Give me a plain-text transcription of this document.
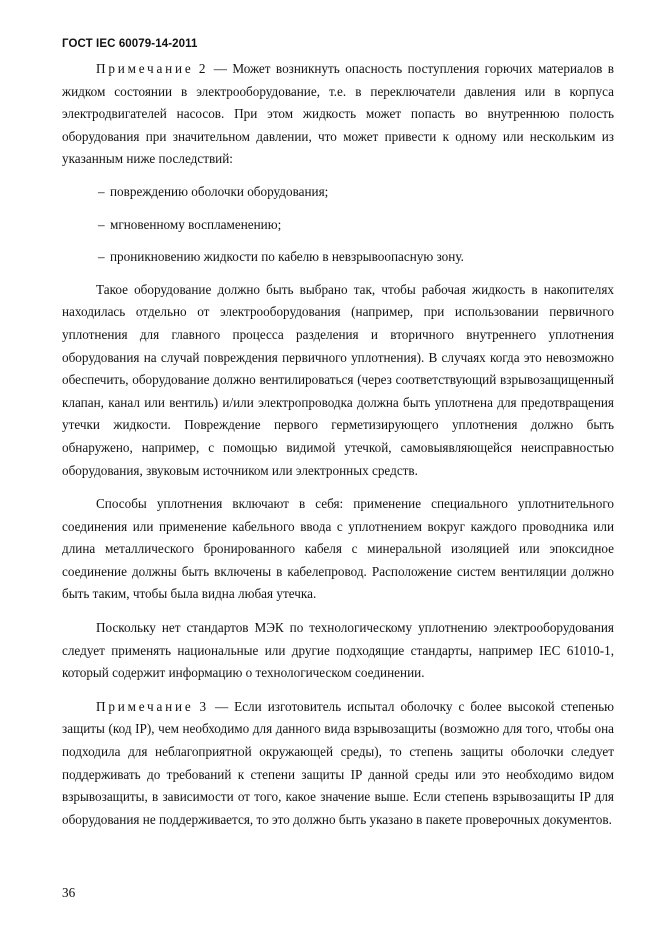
ГОСТ IEC 60079-14-2011

Примечание 2 — Может возникнуть опасность поступления горючих материалов в жидком состоянии в электрооборудование, т.е. в переключатели давления или в корпуса электродвигателей насосов. При этом жидкость может попасть во внутреннюю полость оборудования при значительном давлении, что может привести к одному или нескольким из указанным ниже последствий:

– повреждению оболочки оборудования;
– мгновенному воспламенению;
– проникновению жидкости по кабелю в невзрывоопасную зону.

Такое оборудование должно быть выбрано так, чтобы рабочая жидкость в накопителях находилась отдельно от электрооборудования (например, при использовании первичного уплотнения для главного процесса разделения и вторичного внутреннего уплотнения оборудования на случай повреждения первичного уплотнения). В случаях когда это невозможно обеспечить, оборудование должно вентилироваться (через соответствующий взрывозащищенный клапан, канал или вентиль) и/или электропроводка должна быть уплотнена для предотвращения утечки жидкости. Повреждение первого герметизирующего уплотнения должно быть обнаружено, например, с помощью видимой утечкой, самовыявляющейся неисправностью оборудования, звуковым источником или электронных средств.

Способы уплотнения включают в себя: применение специального уплотнительного соединения или применение кабельного ввода с уплотнением вокруг каждого проводника или длина металлического бронированного кабеля с минеральной изоляцией или эпоксидное соединение должны быть включены в кабелепровод. Расположение систем вентиляции должно быть таким, чтобы была видна любая утечка.

Поскольку нет стандартов МЭК по технологическому уплотнению электрооборудования следует применять национальные или другие подходящие стандарты, например IEC 61010-1, который содержит информацию о технологическом соединении.

Примечание 3 — Если изготовитель испытал оболочку с более высокой степенью защиты (код IP), чем необходимо для данного вида взрывозащиты (возможно для того, чтобы она подходила для неблагоприятной окружающей среды), то степень защиты оболочки следует поддерживать до требований к степени защиты IP данной среды или это необходимо видом взрывозащиты, в зависимости от того, какое значение выше. Если степень взрывозащиты IP для оборудования не поддерживается, то это должно быть указано в пакете проверочных документов.

36
